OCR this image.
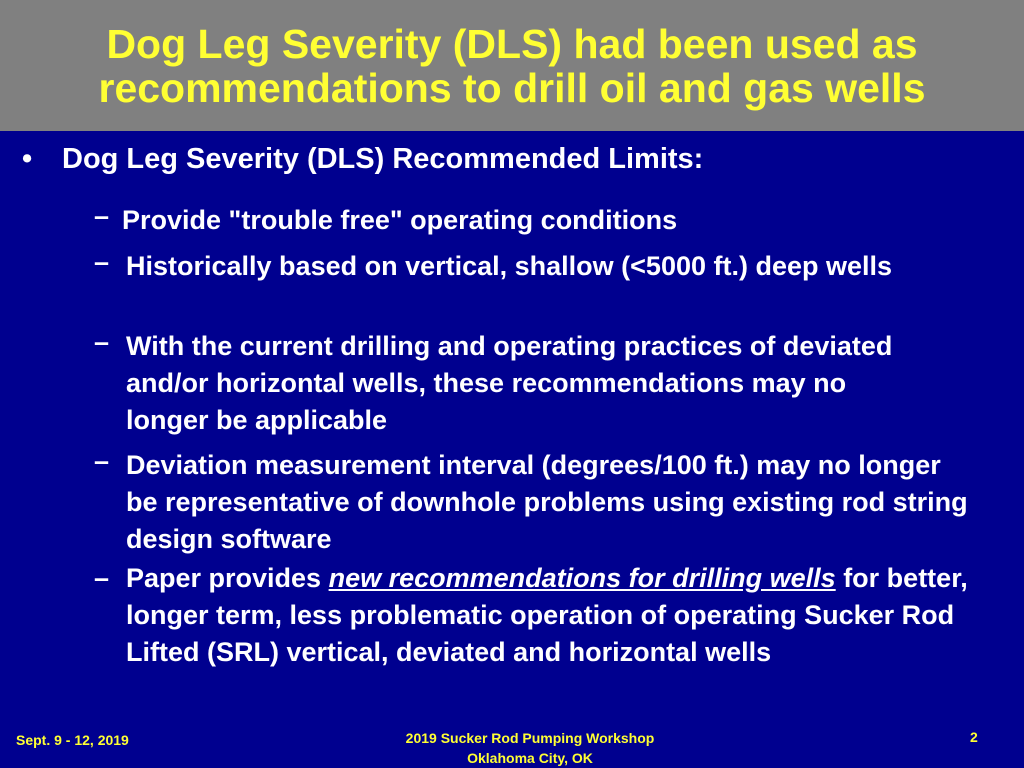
Dog Leg Severity (DLS) had been used as
recommendations to drill oil and gas wells
• Dog Leg Severity (DLS) Recommended Limits:
– Provide "trouble free" operating conditions
– Historically based on vertical, shallow (<5000 ft.) deep wells
– With the current drilling and operating practices of deviated and/or horizontal wells, these recommendations may no longer be applicable
– Deviation measurement interval (degrees/100 ft.) may no longer be representative of downhole problems using existing rod string design software
– Paper provides new recommendations for drilling wells for better, longer term, less problematic operation of operating Sucker Rod Lifted (SRL) vertical, deviated and horizontal wells
Sept. 9 - 12, 2019	2019 Sucker Rod Pumping Workshop
Oklahoma City, OK
2
